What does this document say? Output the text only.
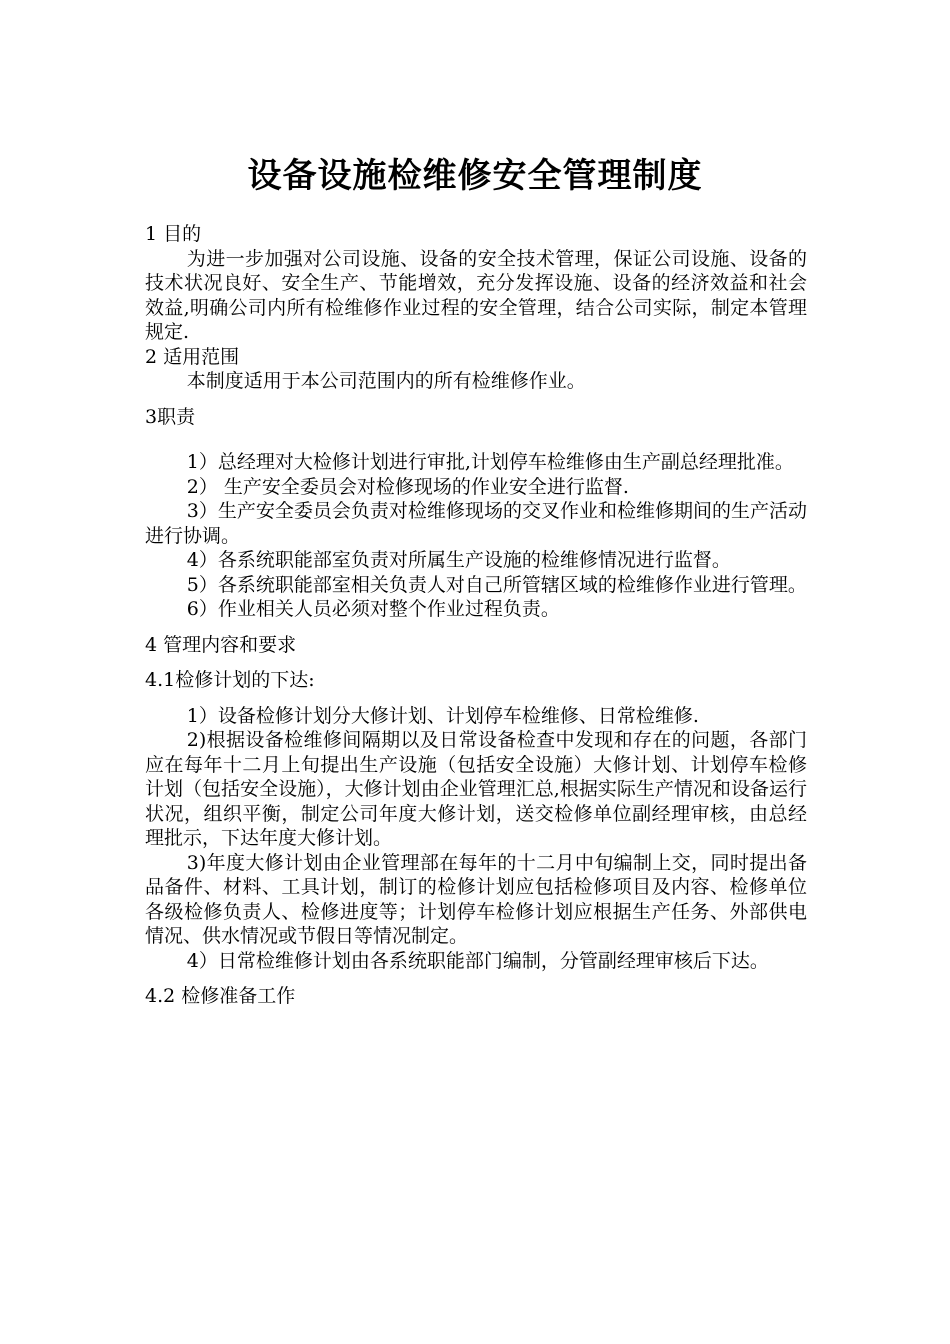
设备设施检维修安全管理制度
1 目的
为进一步加强对公司设施、设备的安全技术管理，保证公司设施、设备的技术状况良好、安全生产、节能增效，充分发挥设施、设备的经济效益和社会效益,明确公司内所有检维修作业过程的安全管理，结合公司实际，制定本管理规定.
2 适用范围
本制度适用于本公司范围内的所有检维修作业。
3职责
1）总经理对大检修计划进行审批,计划停车检维修由生产副总经理批准。
2） 生产安全委员会对检修现场的作业安全进行监督.
3）生产安全委员会负责对检维修现场的交叉作业和检维修期间的生产活动进行协调。
4）各系统职能部室负责对所属生产设施的检维修情况进行监督。
5）各系统职能部室相关负责人对自己所管辖区域的检维修作业进行管理。
6）作业相关人员必须对整个作业过程负责。
4 管理内容和要求
4.1检修计划的下达:
1）设备检修计划分大修计划、计划停车检维修、日常检维修.
2)根据设备检维修间隔期以及日常设备检查中发现和存在的问题，各部门应在每年十二月上旬提出生产设施（包括安全设施）大修计划、计划停车检修计划（包括安全设施），大修计划由企业管理汇总,根据实际生产情况和设备运行状况，组织平衡，制定公司年度大修计划，送交检修单位副经理审核，由总经理批示，下达年度大修计划。
3)年度大修计划由企业管理部在每年的十二月中旬编制上交，同时提出备品备件、材料、工具计划，制订的检修计划应包括检修项目及内容、检修单位各级检修负责人、检修进度等；计划停车检修计划应根据生产任务、外部供电情况、供水情况或节假日等情况制定。
4）日常检维修计划由各系统职能部门编制，分管副经理审核后下达。
4.2 检修准备工作
